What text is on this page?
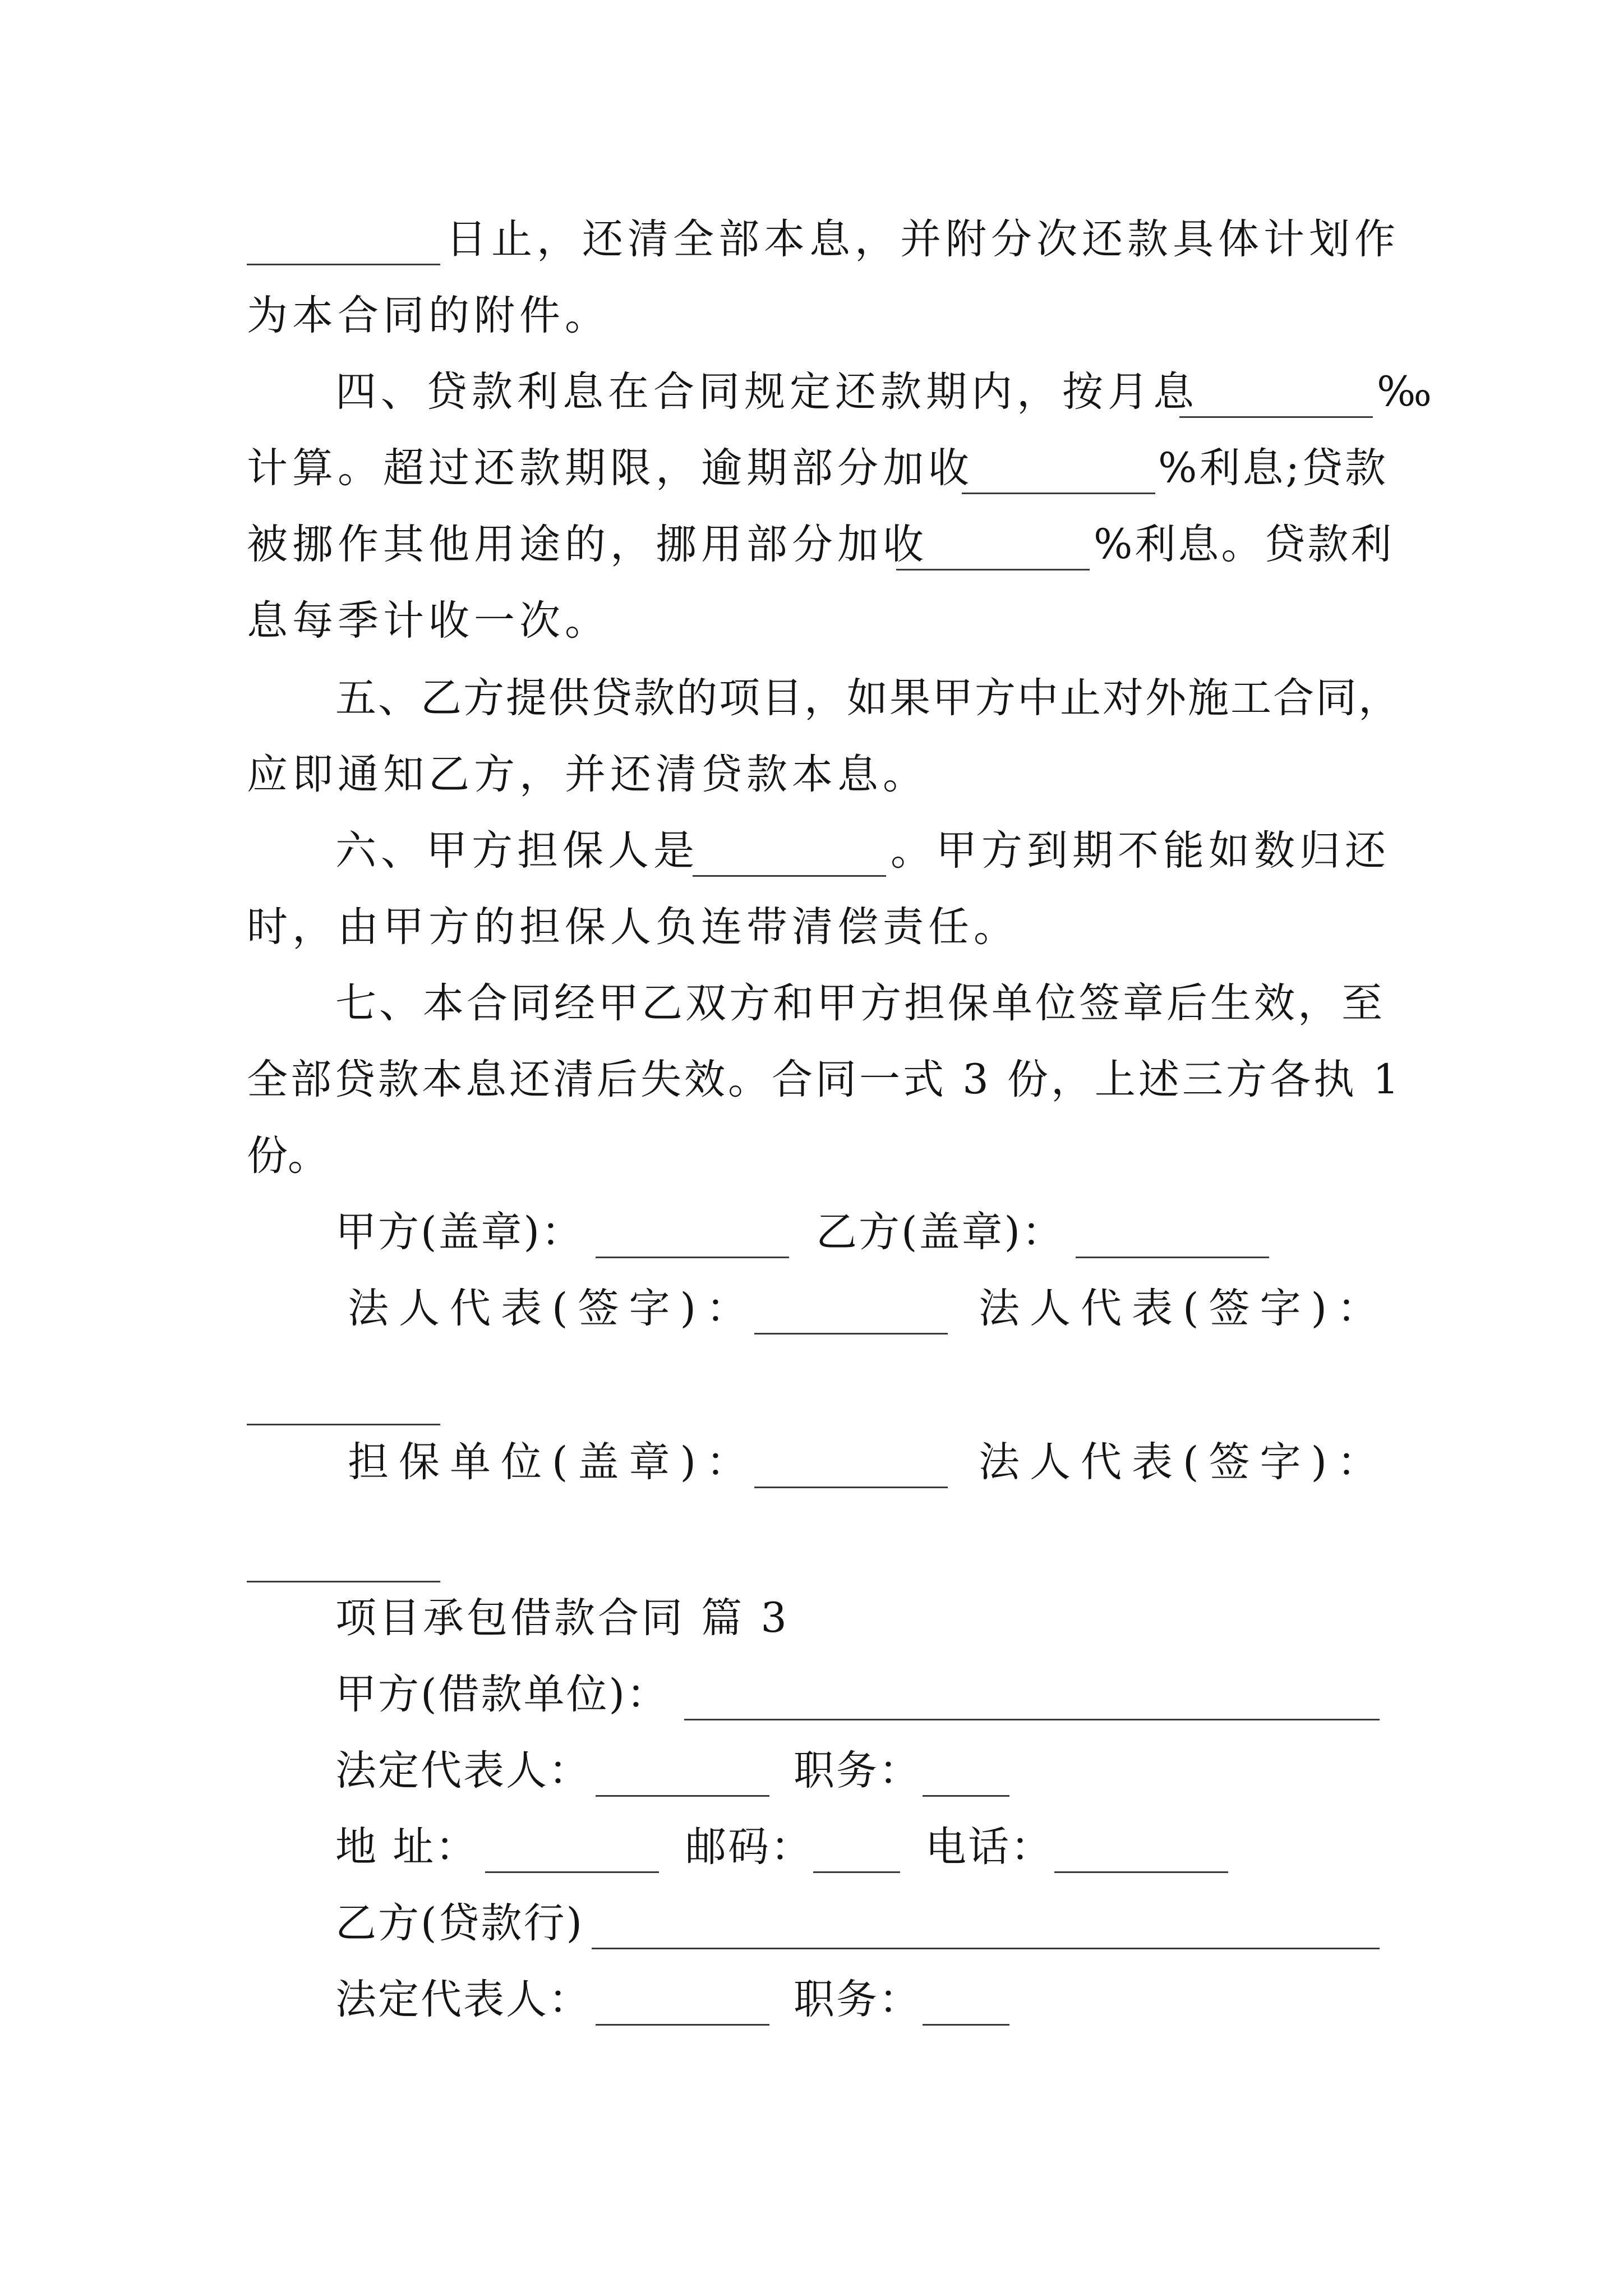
日止，还清全部本息，并附分次还款具体计划作
为本合同的附件。
四、贷款利息在合同规定还款期内，按月息	‰
计算。超过还款期限，逾期部分加收	%利息;贷款
被挪作其他用途的，挪用部分加收	%利息。贷款利
息每季计收一次。
五、乙方提供贷款的项目，如果甲方中止对外施工合同，
应即通知乙方，并还清贷款本息。
六、甲方担保人是	。甲方到期不能如数归还
时，由甲方的担保人负连带清偿责任。
七、本合同经甲乙双方和甲方担保单位签章后生效，至
全部贷款本息还清后失效。合同一式 3 份，上述三方各执 1
份。
甲方(盖章)：	乙方(盖章)：
法人代表(签字)：	法人代表(签字)：
担保单位(盖章)：	法人代表(签字)：
项目承包借款合同 篇 3
甲方(借款单位)：
法定代表人：	职务：
地 址：	邮码：	电话：
乙方(贷款行)
法定代表人：	职务：
